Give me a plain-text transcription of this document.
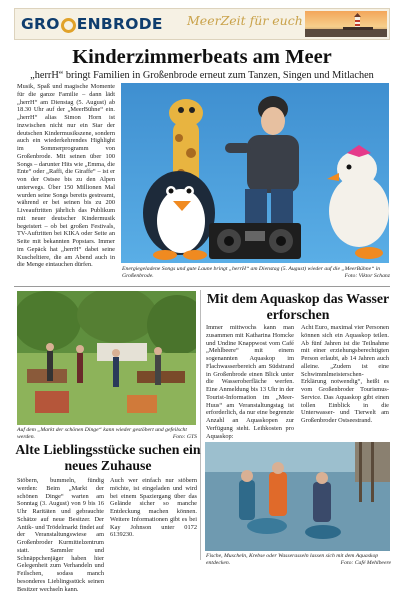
GRO ENBRODE MeerZeit für euch
Kinderzimmerbeats am Meer
„herrH“ bringt Familien in Großenbrode erneut zum Tanzen, Singen und Mitlachen

Musik, Spaß und magische Momente für die ganze Familie – dann lädt „herrH“ am Dienstag (5. August) ab 18.30 Uhr auf der „MeerBühne“ ein. „herrH“ alias Simon Horn ist inzwischen nicht nur ein Star der deutschen Kindermusikszene, sondern auch ein wiederkehrendes Highlight im Sommerprogramm von Großenbrode. Mit seinen über 100 Songs – darunter Hits wie „Emma, die Ente“ oder „Raffi, die Giraffe“ – ist er von der Ostsee bis zu den Alpen unterwegs. Über 150 Millionen Mal wurden seine Songs bereits gestreamt, während er bei seinen bis zu 200 Liveauftritten jährlich das Publikum mit neuer deutscher Kindermusik begeistert – ob bei großen Festivals, TV-Auftritten bei KIKA oder Seite an Seite mit bekannten Popstars. Immer im Gepäck hat „herrH“ dabei seine Kuscheltiere, die am Abend auch in die Menge eintauchen dürfen.

Energiegeladene Songs und gute Laune bringt „herrH“ am Dienstag (5. August) wieder auf die „MeerBühne“ in Großenbrode.	Foto: Viktor Schanz
Auf dem „Markt der schönen Dinge“ kann wieder gestöbert und gefeilscht werden.	Foto: GTS
Alte Lieblingsstücke suchen ein neues Zuhause
Stöbern, bummeln, fündig werden: Beim „Markt der schönen Dinge“ warten am Sonntag (3. August) von 9 bis 16 Uhr Raritäten und gebrauchte Schätze auf neue Besitzer. Der Antik- und Trödelmarkt findet auf der Veranstaltungswiese am Großenbroder Kurmittelzentrum statt. Sammler und Schnäppchenjäger haben hier Gelegenheit zum Verhandeln und Feilschen, sodass manch besonderes Lieblingsstück seinen Besitzer wechseln kann.
Auch wer einfach nur stöbern möchte, ist eingeladen und wird bei einem Spaziergang über das Gelände sicher so manche Entdeckung machen können. Weitere Informationen gibt es bei Kay Johnson unter 0172 6139230.
Mit dem Aquaskop das Wasser erforschen
Immer mittwochs kann man zusammen mit Katharina Homcke und Undine Knappwost vom Café „Mehlbeere“ mit einem sogenannten Aquaskop im Flachwasserbereich am Südstrand in Großenbrode einen Blick unter die Wasseroberfläche werfen. Eine Anmeldung bis 13 Uhr in der Tourist-Information im „Meer-Huus“ am Veranstaltungstag ist erforderlich, da nur eine begrenzte Anzahl an Aquaskopen zur Verfügung steht. Leihkosten pro Aquaskop:
Acht Euro, maximal vier Personen können sich ein Aquaskop teilen. Ab fünf Jahren ist die Teilnahme mit einer erziehungsberechtigten Person erlaubt, ab 14 Jahren auch alleine. „Zudem ist eine Schwimmlmeisterschen-Erklärung notwendig“, heißt es vom Großenbroder Tourismus-Service. Das Aquaskop gibt einen tollen Einblick in die Unterwasser- und Tierwelt am Großenbroder Ostseestrand.
Fische, Muscheln, Krebse oder Wasserasseln lassen sich mit dem Aquaskop entdecken.	Foto: Café Mehlbeere
